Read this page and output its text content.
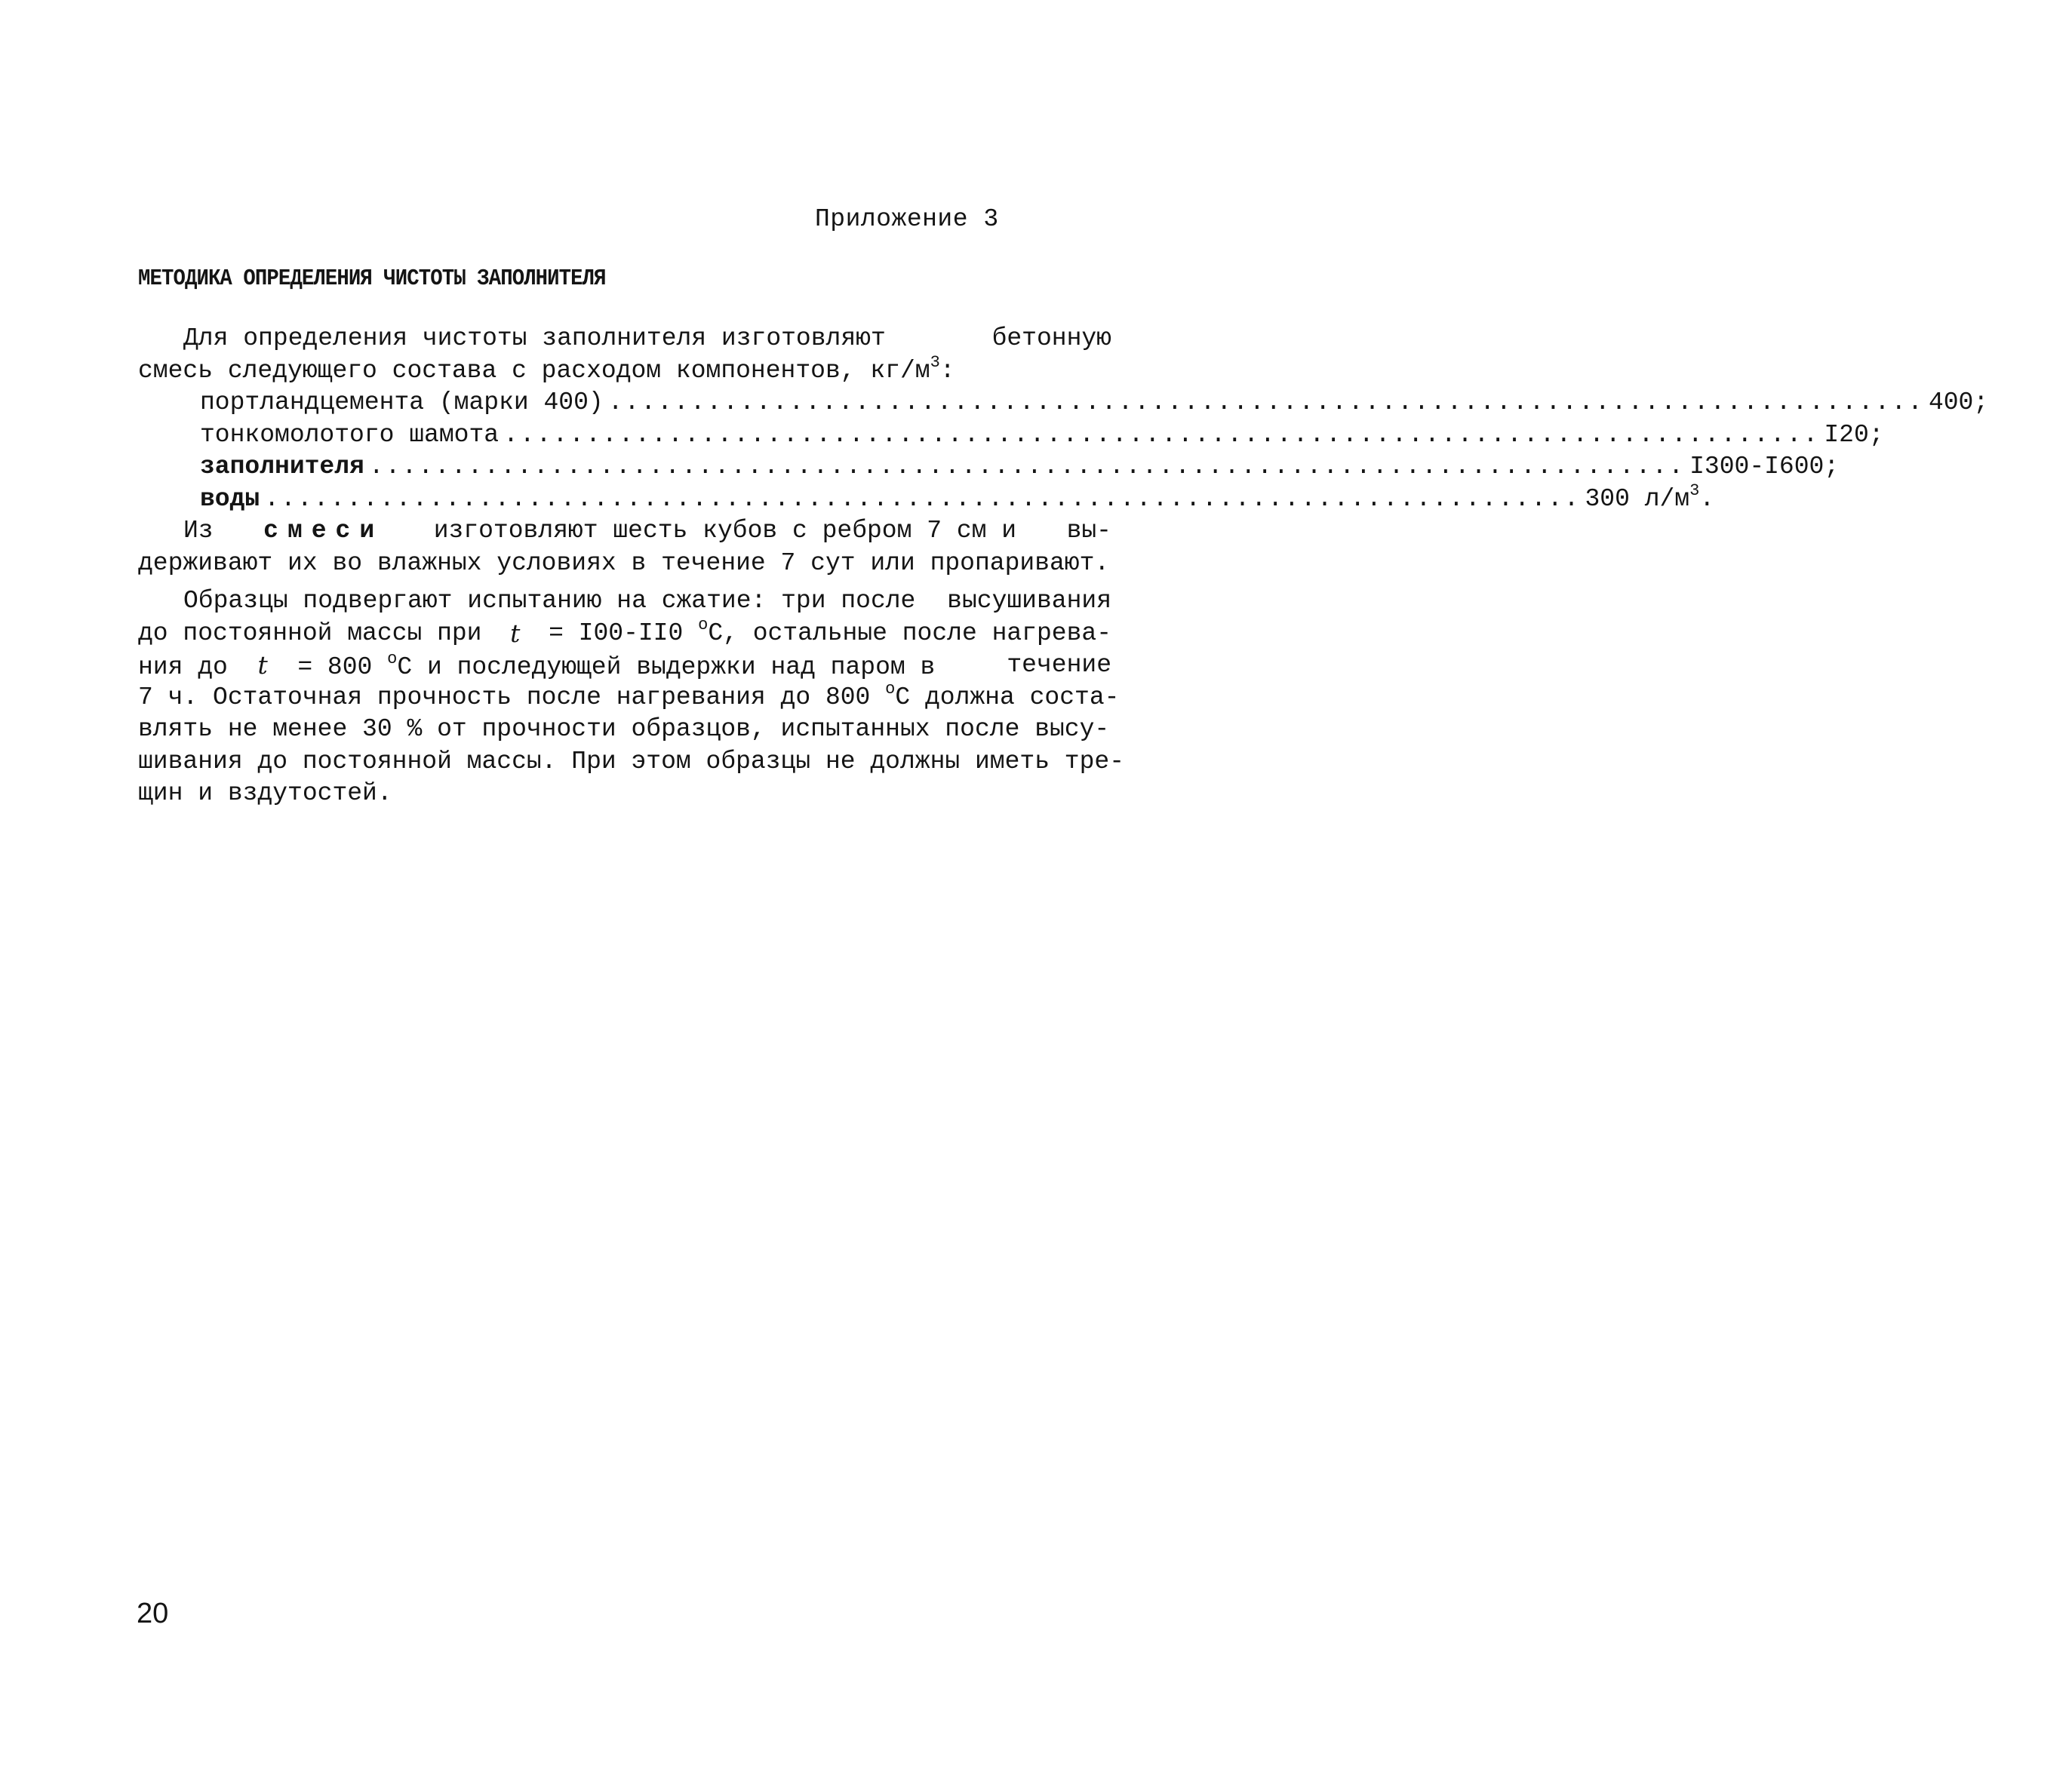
Приложение 3
МЕТОДИКА ОПРЕДЕЛЕНИЯ ЧИСТОТЫ ЗАПОЛНИТЕЛЯ
Для определения чистоты заполнителя изготовляют	бетонную
смесь следующего состава с расходом компонентов, $кг/м^3$:
портландцемента (марки 400) ................................................................................ 400;
тонкомолотого шамота ................................................................................ I20;
заполнителя ................................................................................ I300-I600;
воды ................................................................................ 300 $л/м^3$.
Из смеси изготовляют шесть кубов с ребром 7 см и вы-
держивают их во влажных условиях в течение 7 сут или пропаривают.
Образцы подвергают испытанию на сжатие: три после высушивания
до постоянной массы при t = I00-II0 $^о$С, остальные после нагрева-
ния до t = 800 $^о$С и последующей выдержки над паром в	течение
7 ч. Остаточная прочность после нагревания до 800 $^о$С должна соста-
влять не менее 30 % от прочности образцов, испытанных после высу-
шивания до постоянной массы. При этом образцы не должны иметь тре-
щин и вздутостей.
20
